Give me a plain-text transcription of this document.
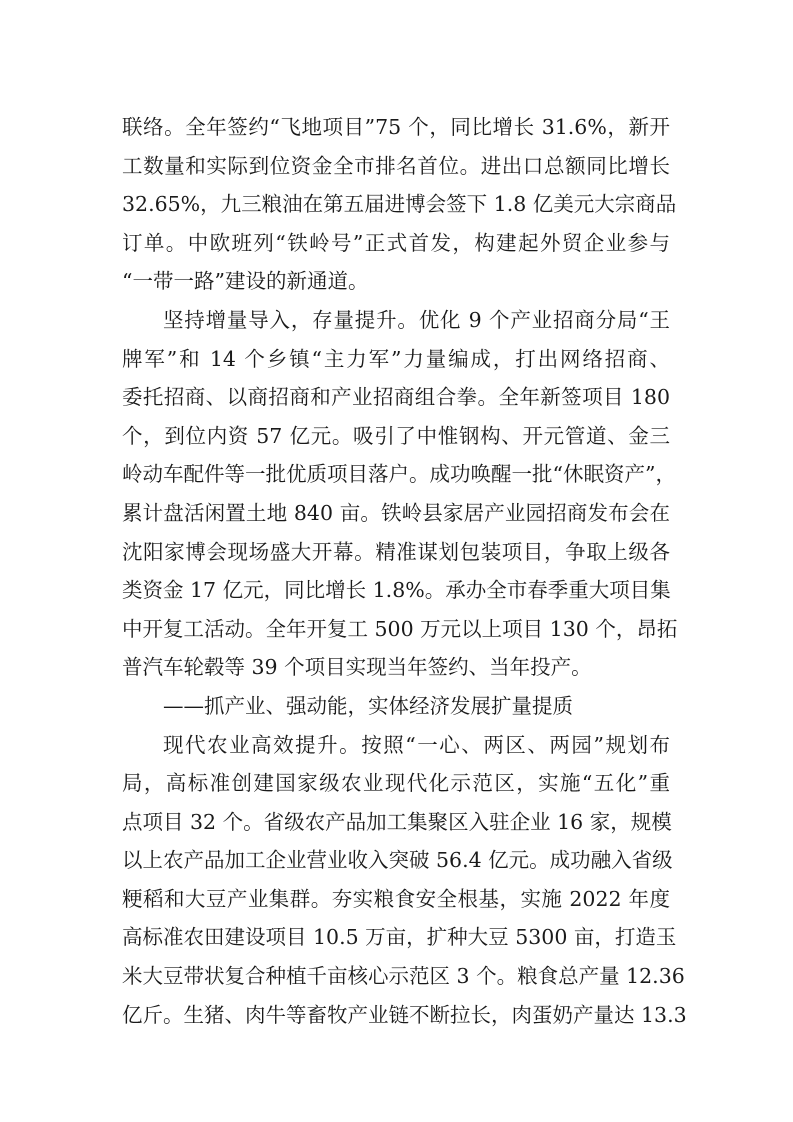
联络。全年签约“飞地项目”75 个，同比增长 31.6%，新开
工数量和实际到位资金全市排名首位。进出口总额同比增长
32.65%，九三粮油在第五届进博会签下 1.8 亿美元大宗商品
订单。中欧班列“铁岭号”正式首发，构建起外贸企业参与
“一带一路”建设的新通道。
坚持增量导入，存量提升。优化 9 个产业招商分局“王
牌军”和 14 个乡镇“主力军”力量编成，打出网络招商、
委托招商、以商招商和产业招商组合拳。全年新签项目 180
个，到位内资 57 亿元。吸引了中惟钢构、开元管道、金三
岭动车配件等一批优质项目落户。成功唤醒一批“休眠资产”，
累计盘活闲置土地 840 亩。铁岭县家居产业园招商发布会在
沈阳家博会现场盛大开幕。精准谋划包装项目，争取上级各
类资金 17 亿元，同比增长 1.8%。承办全市春季重大项目集
中开复工活动。全年开复工 500 万元以上项目 130 个，昂拓
普汽车轮毂等 39 个项目实现当年签约、当年投产。
——抓产业、强动能，实体经济发展扩量提质
现代农业高效提升。按照“一心、两区、两园”规划布
局，高标准创建国家级农业现代化示范区，实施“五化”重
点项目 32 个。省级农产品加工集聚区入驻企业 16 家，规模
以上农产品加工企业营业收入突破 56.4 亿元。成功融入省级
粳稻和大豆产业集群。夯实粮食安全根基，实施 2022 年度
高标准农田建设项目 10.5 万亩，扩种大豆 5300 亩，打造玉
米大豆带状复合种植千亩核心示范区 3 个。粮食总产量 12.36
亿斤。生猪、肉牛等畜牧产业链不断拉长，肉蛋奶产量达 13.3
